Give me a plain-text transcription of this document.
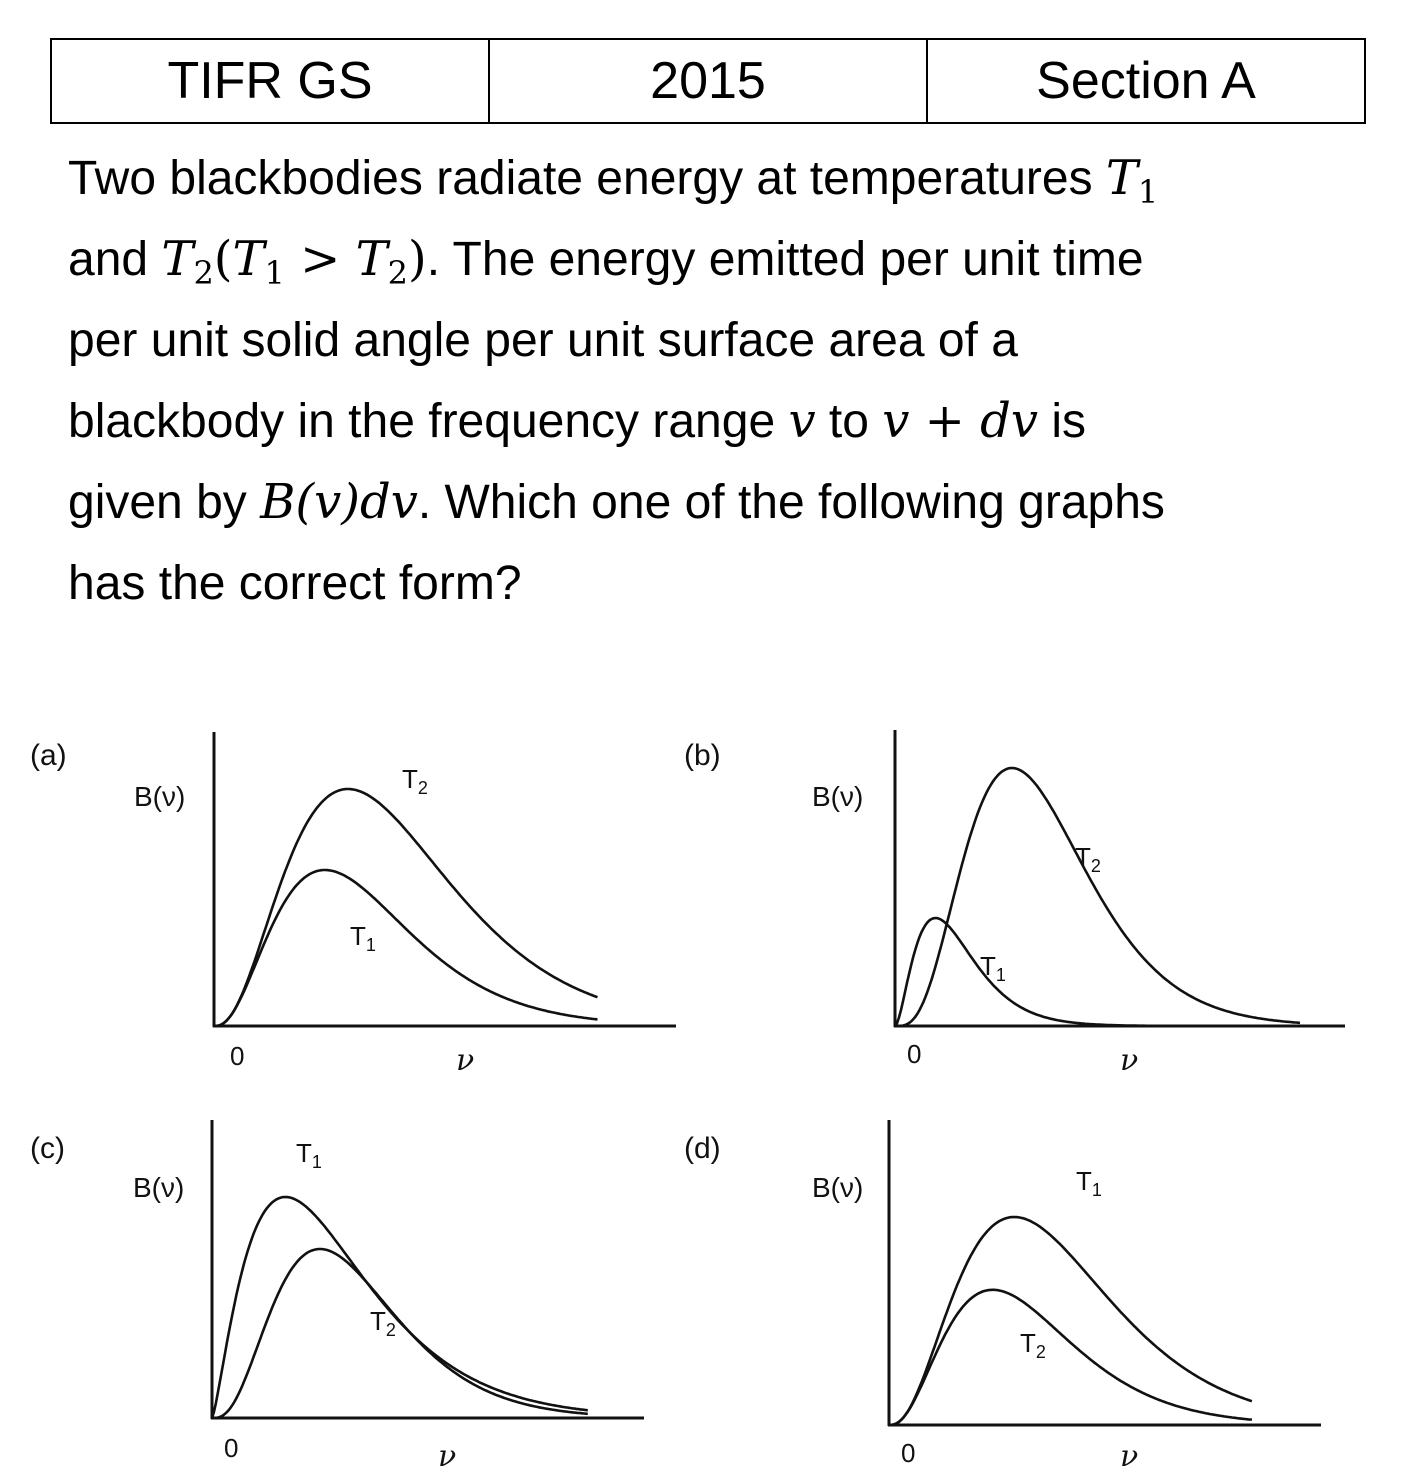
TIFR GS	2015	Section A
Two blackbodies radiate energy at temperatures $T_1$
and $T_2(T_1 > T_2)$. The energy emitted per unit time
per unit solid angle per unit surface area of a
blackbody in the frequency range v to v + dv is
given by B(v)dv. Which one of the following graphs
has the correct form?
(a)
B(ν)
0	ν
$T_2$
$T_1$
(b)
B(ν)
0	ν
$T_2$
$T_1$
(c)
B(ν)
0	ν
$T_1$
$T_2$
(d)
B(ν)
0	ν
$T_1$
$T_2$
